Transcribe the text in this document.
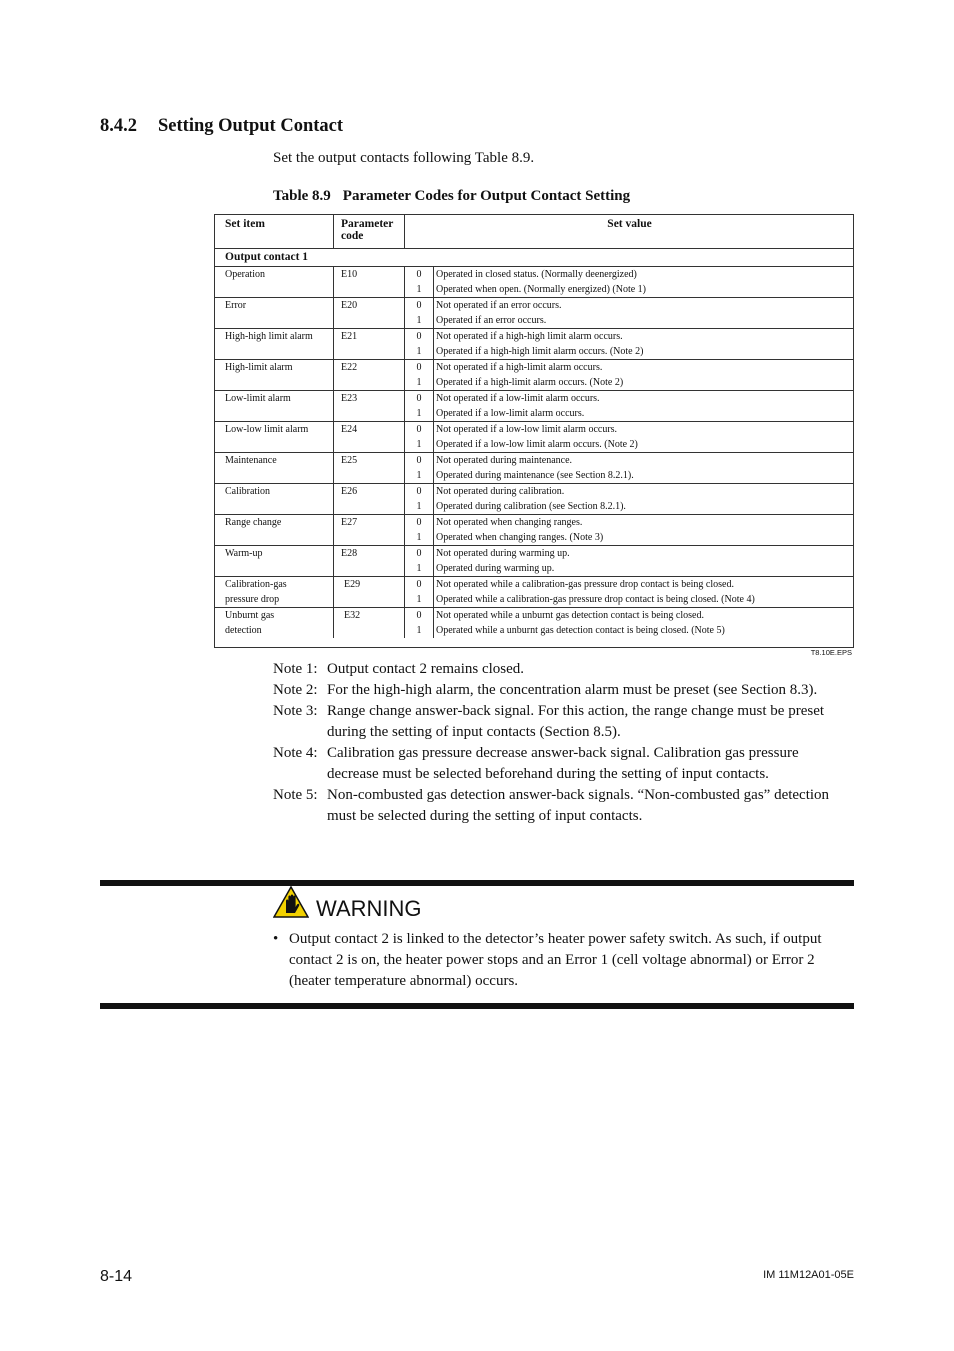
8.4.2 Setting Output Contact
Set the output contacts following Table 8.9.
Table 8.9 Parameter Codes for Output Contact Setting
Set item	Parameter code	Set value	
Output contact 1			
Operation	E10	0	Operated in closed status. (Normally deenergized)
		1	Operated when open. (Normally energized) (Note 1)
Error	E20	0	Not operated if an error occurs.
		1	Operated if an error occurs.
High-high limit alarm	E21	0	Not operated if a high-high limit alarm occurs.
		1	Operated if a high-high limit alarm occurs. (Note 2)
High-limit alarm	E22	0	Not operated if a high-limit alarm occurs.
		1	Operated if a high-limit alarm occurs. (Note 2)
Low-limit alarm	E23	0	Not operated if a low-limit alarm occurs.
		1	Operated if a low-limit alarm occurs.
Low-low limit alarm	E24	0	Not operated if a low-low limit alarm occurs.
		1	Operated if a low-low limit alarm occurs. (Note 2)
Maintenance	E25	0	Not operated during maintenance.
		1	Operated during maintenance (see Section 8.2.1).
Calibration	E26	0	Not operated during calibration.
		1	Operated during calibration (see Section 8.2.1).
Range change	E27	0	Not operated when changing ranges.
		1	Operated when changing ranges. (Note 3)
Warm-up	E28	0	Not operated during warming up.
		1	Operated during warming up.
Calibration-gas	E29	0	Not operated while a calibration-gas pressure drop contact is being closed.
pressure drop		1	Operated while a calibration-gas pressure drop contact is being closed. (Note 4)
Unburnt gas	E32	0	Not operated while a unburnt gas detection contact is being closed.
detection		1	Operated while a unburnt gas detection contact is being closed. (Note 5)
T8.10E.EPS
Note 1: Output contact 2 remains closed.
Note 2: For the high-high alarm, the concentration alarm must be preset (see Section 8.3).
Note 3: Range change answer-back signal. For this action, the range change must be preset during the setting of input contacts (Section 8.5).
Note 4: Calibration gas pressure decrease answer-back signal. Calibration gas pressure decrease must be selected beforehand during the setting of input contacts.
Note 5: Non-combusted gas detection answer-back signals. “Non-combusted gas” detection must be selected during the setting of input contacts.
WARNING
• Output contact 2 is linked to the detector’s heater power safety switch. As such, if output contact 2 is on, the heater power stops and an Error 1 (cell voltage abnormal) or Error 2 (heater temperature abnormal) occurs.
8-14	IM 11M12A01-05E
